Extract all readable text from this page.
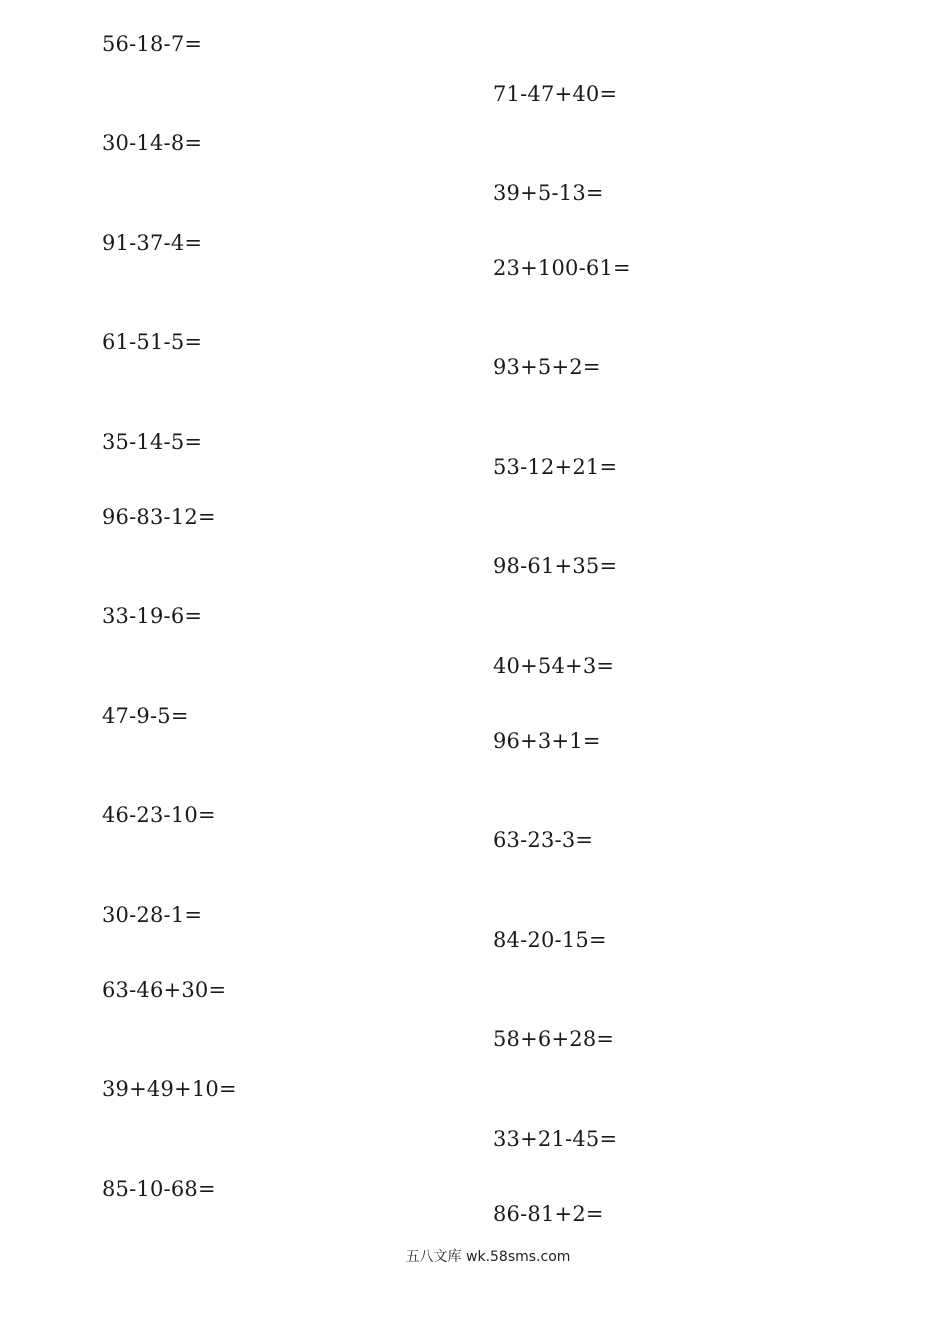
56-18-7=
30-14-8=
91-37-4=
61-51-5=
35-14-5=
96-83-12=
33-19-6=
47-9-5=
46-23-10=
30-28-1=
63-46+30=
39+49+10=
85-10-68=
71-47+40=
39+5-13=
23+100-61=
93+5+2=
53-12+21=
98-61+35=
40+54+3=
96+3+1=
63-23-3=
84-20-15=
58+6+28=
33+21-45=
86-81+2=
五八文库 wk.58sms.com
